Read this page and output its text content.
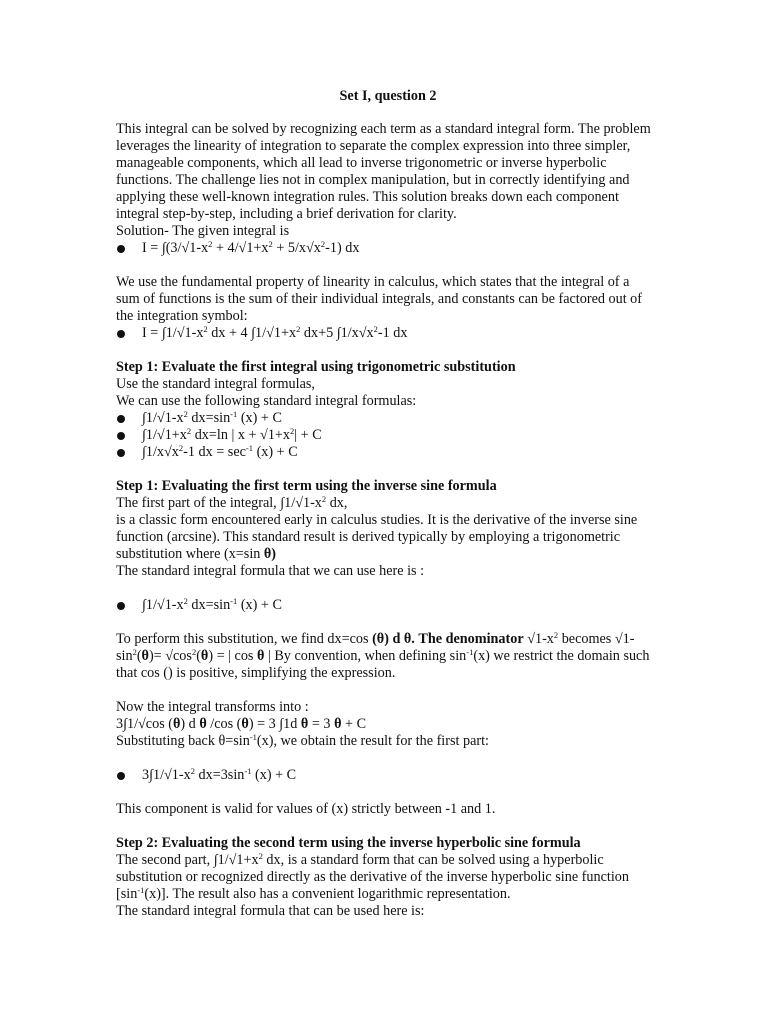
Set I, question 2

This integral can be solved by recognizing each term as a standard integral form. The problem leverages the linearity of integration to separate the complex expression into three simpler, manageable components, which all lead to inverse trigonometric or inverse hyperbolic functions. The challenge lies not in complex manipulation, but in correctly identifying and applying these well-known integration rules. This solution breaks down each component integral step-by-step, including a brief derivation for clarity.

Solution- The given integral is

$I = \int(3/√1-x^2 + 4/√1+x^2 + 5/x√x^2-1)$ dx

We use the fundamental property of linearity in calculus, which states that the integral of a sum of functions is the sum of their individual integrals, and constants can be factored out of the integration symbol:

$I = \int 1/√1-x^2$ dx + 4 $\int 1/√1+x^2$ dx+5 $\int 1/x√x^2-1$ dx

Step 1: Evaluate the first integral using trigonometric substitution

Use the standard integral formulas,

We can use the following standard integral formulas:

$\int 1/√1-x^2$ $dx=\sin^{-1}$ (x) + C

$\int 1/√1+x^2$ dx=ln | $x + √1+x^2| + C$

$\int 1/x√x^2-1$ dx = $\sec^{-1} (x) + C$

Step 1: Evaluating the first term using the inverse sine formula

The first part of the integral, $\int 1/√1-x^2$ dx,

is a classic form encountered early in calculus studies. It is the derivative of the inverse sine function (arcsine). This standard result is derived typically by employing a trigonometric substitution where (x=sin θ)

The standard integral formula that we can use here is :

$\int 1/√1-x^2$ $dx=\sin^{-1}$ (x) + C

To perform this substitution, we find dx=cos (θ) d θ. The denominator $√1-x^2$ becomes $√1-\sin^2(\theta)= √\cos^2(\theta)$ = | cos θ | By convention, when defining $\sin^{-1}(x)$ we restrict the domain such that cos () is positive, simplifying the expression.

Now the integral transforms into :

3∫1/√cos (θ) d θ /cos (θ) = 3 ∫1d θ = 3 θ + C

Substituting back $\theta=\sin^{-1}(x)$, we obtain the result for the first part:

$3\int 1/√1-x^2$ $dx=3\sin^{-1}$ (x) + C

This component is valid for values of (x) strictly between -1 and 1.

Step 2: Evaluating the second term using the inverse hyperbolic sine formula

The second part, $\int 1/√1+x^2$ dx, is a standard form that can be solved using a hyperbolic substitution or recognized directly as the derivative of the inverse hyperbolic sine function $[\sin^{-1}(x)]$. The result also has a convenient logarithmic representation.

The standard integral formula that can be used here is:
